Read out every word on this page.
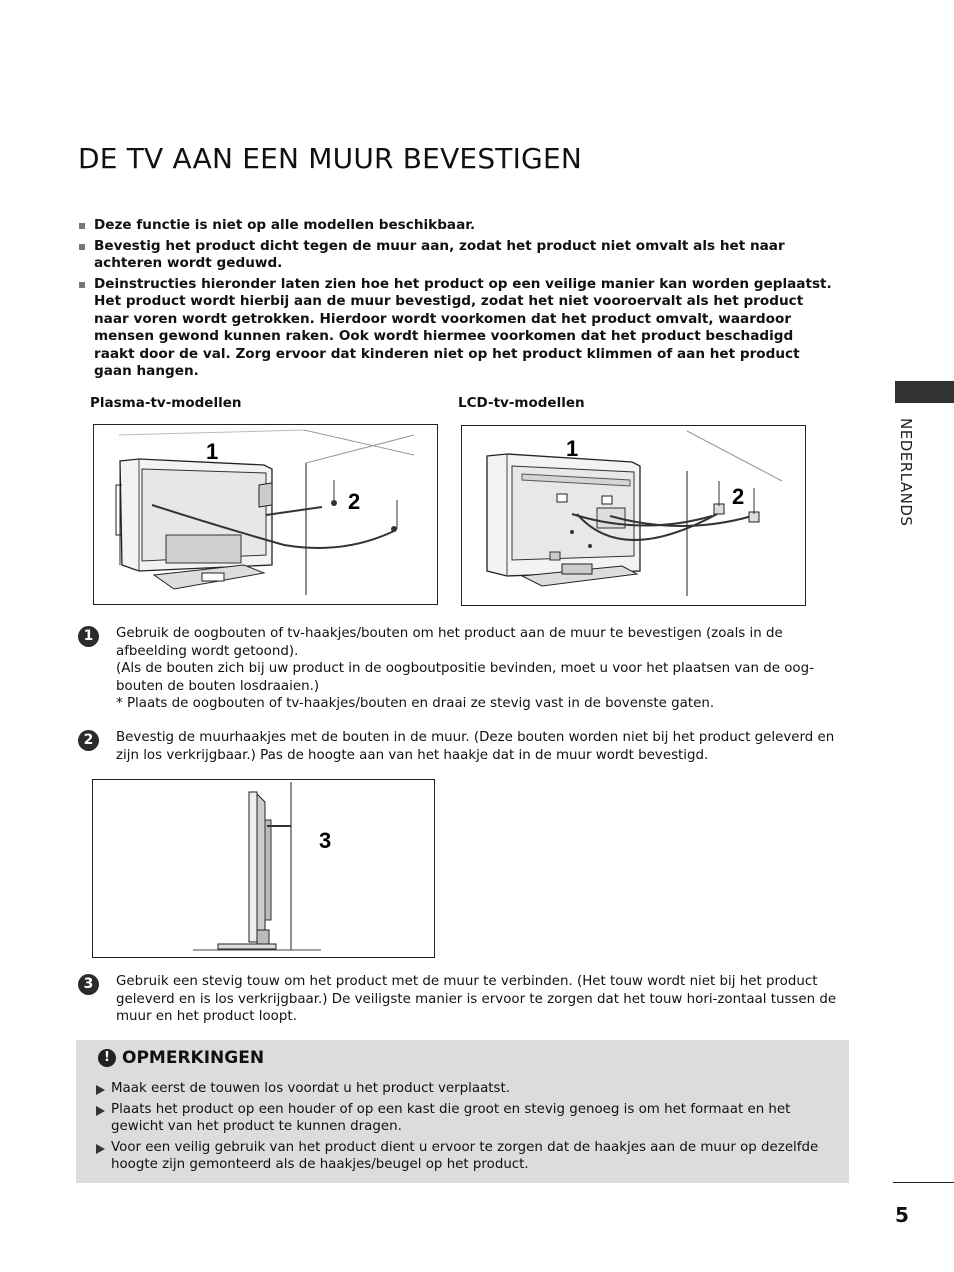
DE TV AAN EEN MUUR BEVESTIGEN
Deze functie is niet op alle modellen beschikbaar.
Bevestig het product dicht tegen de muur aan, zodat het product niet omvalt als het naar achteren wordt geduwd.
Deinstructies hieronder laten zien hoe het product op een veilige manier kan worden geplaatst. Het product wordt hierbij aan de muur bevestigd, zodat het niet vooroervalt als het product naar voren wordt getrokken. Hierdoor wordt voorkomen dat het product omvalt, waardoor mensen gewond kunnen raken. Ook wordt hiermee voorkomen dat het product beschadigd raakt door de val. Zorg ervoor dat kinderen niet op het product klimmen of aan het product gaan hangen.
Plasma-tv-modellen	LCD-tv-modellen
1
2
1
2
1	Gebruik de oogbouten of tv-haakjes/bouten om het product aan de muur te bevestigen (zoals in de afbeelding wordt getoond).

(Als de bouten zich bij uw product in de oogboutpositie bevinden, moet u voor het plaatsen van de oog-bouten de bouten losdraaien.)

* Plaats de oogbouten of tv-haakjes/bouten en draai ze stevig vast in de bovenste gaten.

2	Bevestig de muurhaakjes met de bouten in de muur. (Deze bouten worden niet bij het product geleverd en zijn los verkrijgbaar.) Pas de hoogte aan van het haakje dat in de muur wordt bevestigd.

3
3	Gebruik een stevig touw om het product met de muur te verbinden. (Het touw wordt niet bij het product geleverd en is los verkrijgbaar.) De veiligste manier is ervoor te zorgen dat het touw hori-zontaal tussen de muur en het product loopt.

! OPMERKINGEN
Maak eerst de touwen los voordat u het product verplaatst.
Plaats het product op een houder of op een kast die groot en stevig genoeg is om het formaat en het gewicht van het product te kunnen dragen.
Voor een veilig gebruik van het product dient u ervoor te zorgen dat de haakjes aan de muur op dezelfde hoogte zijn gemonteerd als de haakjes/beugel op het product.
NEDERLANDS
5
